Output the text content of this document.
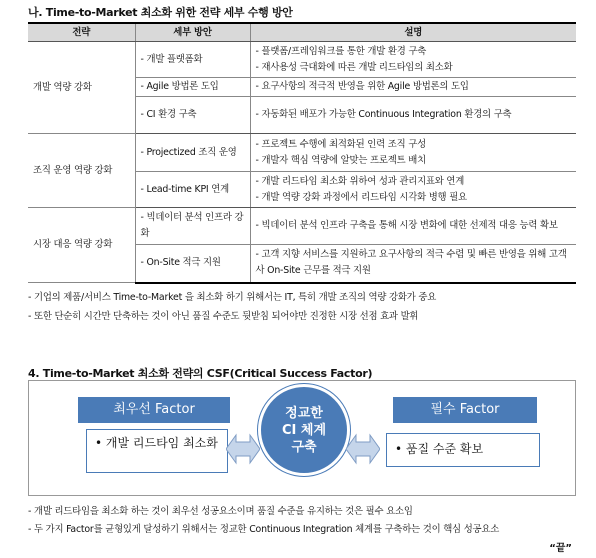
나. Time-to-Market 최소화 위한 전략 세부 수행 방안
전략	세부 방안	설명
개발 역량 강화	- 개발 플랫폼화	- 플랫폼/프레임워크를 통한 개발 환경 구축
- 재사용성 극대화에 따른 개발 리드타임의 최소화

	- Agile 방법론 도입	- 요구사항의 적극적 반영을 위한 Agile 방법론의 도입

	- CI 환경 구축	- 자동화된 배포가 가능한 Continuous Integration 환경의 구축

조직 운영 역량 강화	- Projectized 조직 운영	- 프로젝트 수행에 최적화된 인력 조직 구성
- 개발자 핵심 역량에 알맞는 프로젝트 배치

	- Lead-time KPI 연계	- 개발 리드타임 최소화 위하여 성과 관리지표와 연계
- 개발 역량 강화 과정에서 리드타임 시각화 병행 필요

시장 대응 역량 강화	- 빅데이터 분석 인프라 강화	- 빅데이터 분석 인프라 구축을 통해 시장 변화에 대한 선제적 대응 능력 확보

	- On-Site 적극 지원	- 고객 지향 서비스를 지원하고 요구사항의 적극 수렴 및 빠른 반영을 위해 고객사 On-Site 근무를 적극 지원
- 기업의 제품/서비스 Time-to-Market 을 최소화 하기 위해서는 IT, 특히 개발 조직의 역량 강화가 중요
- 또한 단순히 시간만 단축하는 것이 아닌 품질 수준도 뒷받침 되어야만 진정한 시장 선점 효과 발휘
4. Time-to-Market 최소화 전략의 CSF(Critical Success Factor)
최우선 Factor
• 개발 리드타임 최소화
정교한
CI 체계
구축
필수 Factor
• 품질 수준 확보
- 개발 리드타임을 최소화 하는 것이 최우선 성공요소이며 품질 수준을 유지하는 것은 필수 요소임
- 두 가지 Factor를 균형있게 달성하기 위해서는 정교한 Continuous Integration 체계를 구축하는 것이 핵심 성공요소
“끝”
